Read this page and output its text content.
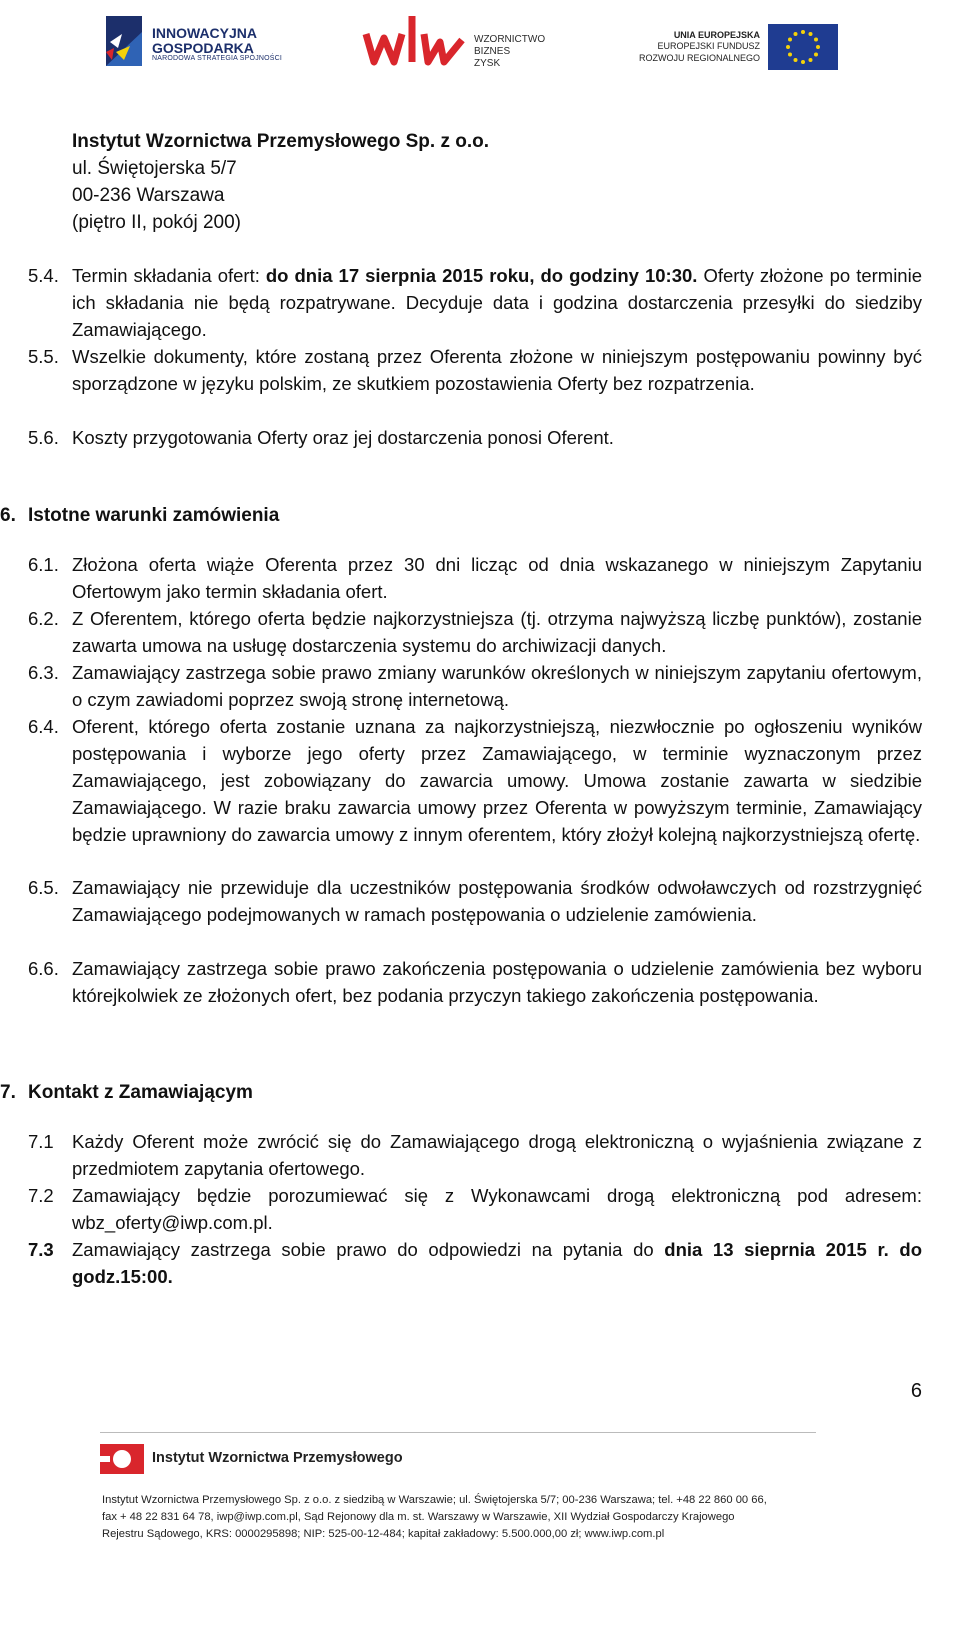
INNOWACYJNA
GOSPODARKA
NARODOWA STRATEGIA SPÓJNOŚCI
WZORNICTWO
BIZNES
ZYSK
UNIA EUROPEJSKA
EUROPEJSKI FUNDUSZ
ROZWOJU REGIONALNEGO
Instytut Wzornictwa Przemysłowego Sp. z o.o.
ul. Świętojerska 5/7
00-236 Warszawa
(piętro II, pokój 200)
5.4. Termin składania ofert: do dnia 17 sierpnia 2015 roku, do godziny 10:30. Oferty złożone po terminie ich składania nie będą rozpatrywane. Decyduje data i godzina dostarczenia przesyłki do siedziby Zamawiającego.
5.5. Wszelkie dokumenty, które zostaną przez Oferenta złożone w niniejszym postępowaniu powinny być sporządzone w języku polskim, ze skutkiem pozostawienia Oferty bez rozpatrzenia.
5.6. Koszty przygotowania Oferty oraz jej dostarczenia ponosi Oferent.
6. Istotne warunki zamówienia
6.1. Złożona oferta wiąże Oferenta przez 30 dni licząc od dnia wskazanego w niniejszym Zapytaniu Ofertowym jako termin składania ofert.
6.2. Z Oferentem, którego oferta będzie najkorzystniejsza (tj. otrzyma najwyższą liczbę punktów), zostanie zawarta umowa na usługę dostarczenia systemu do archiwizacji danych.
6.3. Zamawiający zastrzega sobie prawo zmiany warunków określonych w niniejszym zapytaniu ofertowym, o czym zawiadomi poprzez swoją stronę internetową.
6.4. Oferent, którego oferta zostanie uznana za najkorzystniejszą, niezwłocznie po ogłoszeniu wyników postępowania i wyborze jego oferty przez Zamawiającego, w terminie wyznaczonym przez Zamawiającego, jest zobowiązany do zawarcia umowy. Umowa zostanie zawarta w siedzibie Zamawiającego. W razie braku zawarcia umowy przez Oferenta w powyższym terminie, Zamawiający będzie uprawniony do zawarcia umowy z innym oferentem, który złożył kolejną najkorzystniejszą ofertę.
6.5. Zamawiający nie przewiduje dla uczestników postępowania środków odwoławczych od rozstrzygnięć Zamawiającego podejmowanych w ramach postępowania o udzielenie zamówienia.
6.6. Zamawiający zastrzega sobie prawo zakończenia postępowania o udzielenie zamówienia bez wyboru którejkolwiek ze złożonych ofert, bez podania przyczyn takiego zakończenia postępowania.
7. Kontakt z Zamawiającym
7.1 Każdy Oferent może zwrócić się do Zamawiającego drogą elektroniczną o wyjaśnienia związane z przedmiotem zapytania ofertowego.
7.2 Zamawiający będzie porozumiewać się z Wykonawcami drogą elektroniczną pod adresem: wbz_oferty@iwp.com.pl.
7.3 Zamawiający zastrzega sobie prawo do odpowiedzi na pytania do dnia 13 sieprnia 2015 r. do godz.15:00.
6
Instytut Wzornictwa Przemysłowego
Instytut Wzornictwa Przemysłowego Sp. z o.o. z siedzibą w Warszawie; ul. Świętojerska 5/7; 00-236 Warszawa; tel. +48 22 860 00 66,
fax + 48 22 831 64 78, iwp@iwp.com.pl, Sąd Rejonowy dla m. st. Warszawy w Warszawie, XII Wydział Gospodarczy Krajowego
Rejestru Sądowego, KRS: 0000295898; NIP: 525-00-12-484; kapitał zakładowy: 5.500.000,00 zł; www.iwp.com.pl
